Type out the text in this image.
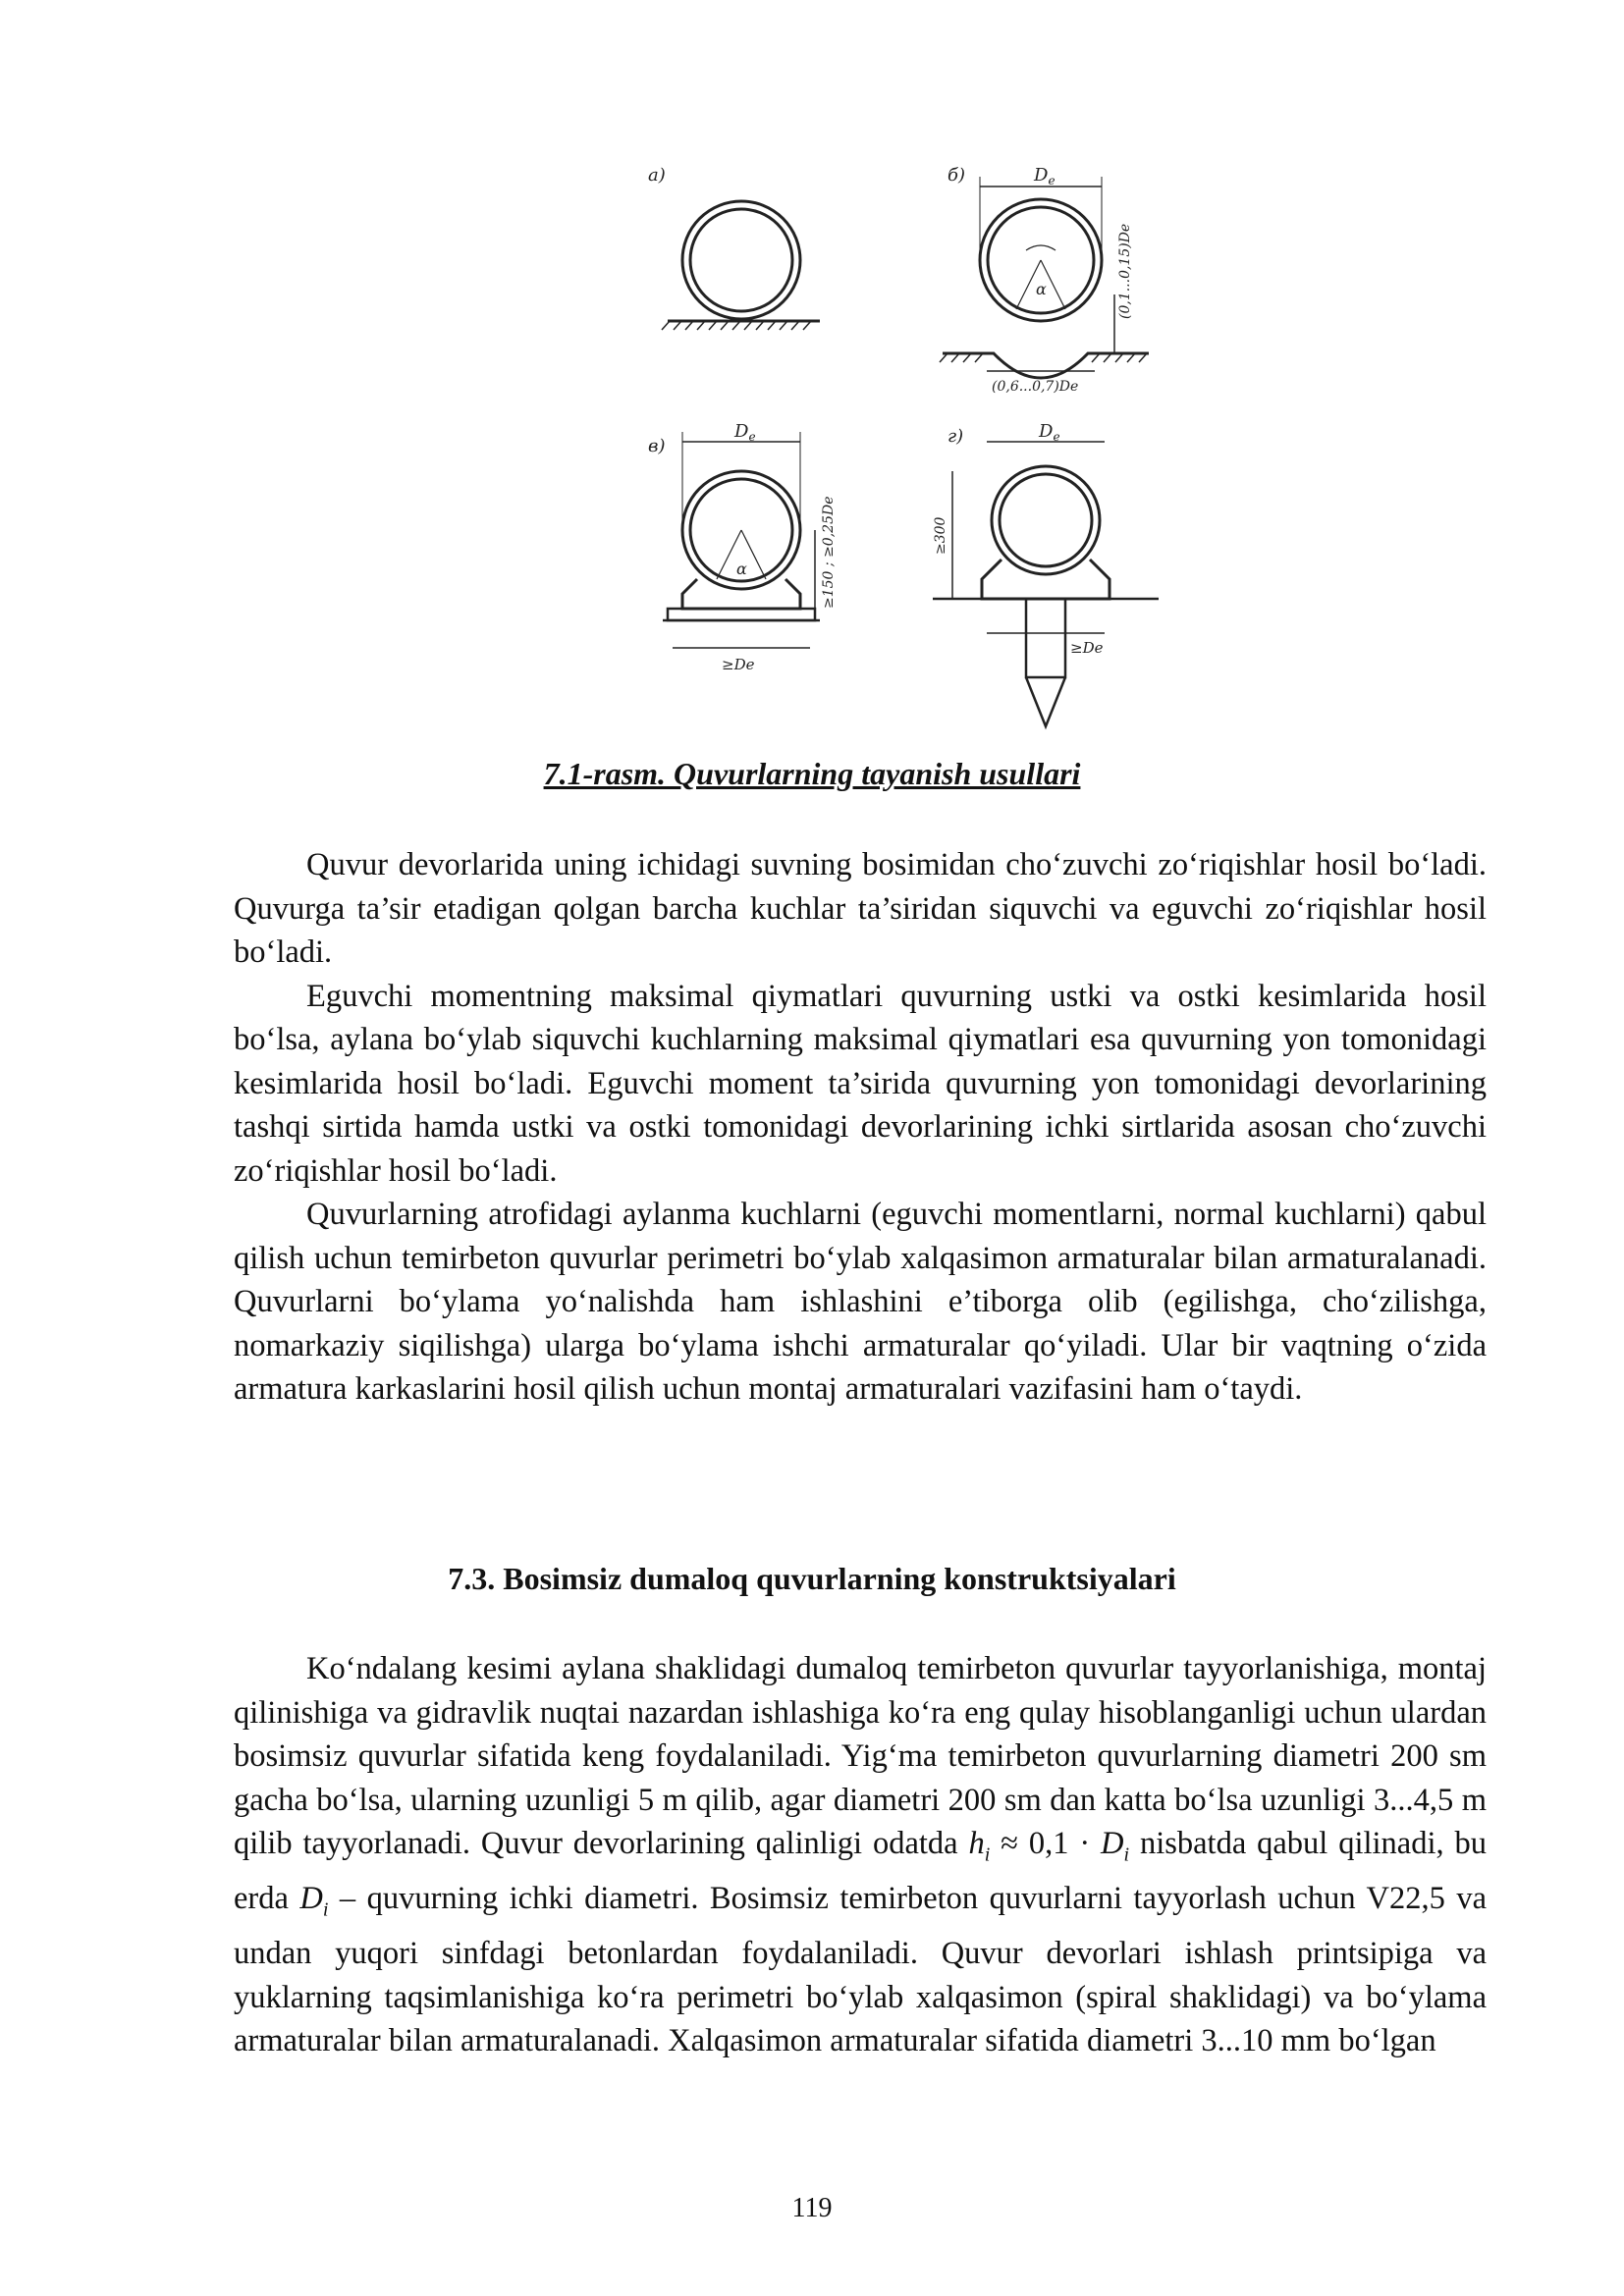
а)	б)
в)	г)
$D_e$
α	(0,1...0,15)De
(0,6...0,7)De
$D_e$
α	≥150 ; ≥0,25De
≥De
$D_e$
≥300
≥De
7.1-rasm. Quvurlarning tayanish usullari

Quvur devorlarida uning ichidagi suvning bosimidan cho‘zuvchi zo‘riqishlar hosil bo‘ladi. Quvurga ta’sir etadigan qolgan barcha kuchlar ta’siridan siquvchi va eguvchi zo‘riqishlar hosil bo‘ladi.

Eguvchi momentning maksimal qiymatlari quvurning ustki va ostki kesimlarida hosil bo‘lsa, aylana bo‘ylab siquvchi kuchlarning maksimal qiymatlari esa quvurning yon tomonidagi kesimlarida hosil bo‘ladi. Eguvchi moment ta’sirida quvurning yon tomonidagi devorlarining tashqi sirtida hamda ustki va ostki tomonidagi devorlarining ichki sirtlarida asosan cho‘zuvchi zo‘riqishlar hosil bo‘ladi.

Quvurlarning atrofidagi aylanma kuchlarni (eguvchi momentlarni, normal kuchlarni) qabul qilish uchun temirbeton quvurlar perimetri bo‘ylab xalqasimon armaturalar bilan armaturalanadi. Quvurlarni bo‘ylama yo‘nalishda ham ishlashini e’tiborga olib (egilishga, cho‘zilishga, nomarkaziy siqilishga) ularga bo‘ylama ishchi armaturalar qo‘yiladi. Ular bir vaqtning o‘zida armatura karkaslarini hosil qilish uchun montaj armaturalari vazifasini ham o‘taydi.

7.3. Bosimsiz dumaloq quvurlarning konstruktsiyalari

Ko‘ndalang kesimi aylana shaklidagi dumaloq temirbeton quvurlar tayyorlanishiga, montaj qilinishiga va gidravlik nuqtai nazardan ishlashiga ko‘ra eng qulay hisoblanganligi uchun ulardan bosimsiz quvurlar sifatida keng foydalaniladi. Yig‘ma temirbeton quvurlarning diametri 200 sm gacha bo‘lsa, ularning uzunligi 5 m qilib, agar diametri 200 sm dan katta bo‘lsa uzunligi 3...4,5 m qilib tayyorlanadi. Quvur devorlarining qalinligi odatda $h_i \approx 0,1 \cdot D_i$ nisbatda qabul qilinadi, bu erda $D_i$ – quvurning ichki diametri. Bosimsiz temirbeton quvurlarni tayyorlash uchun V22,5 va undan yuqori sinfdagi betonlardan foydalaniladi. Quvur devorlari ishlash printsipiga va yuklarning taqsimlanishiga ko‘ra perimetri bo‘ylab xalqasimon (spiral shaklidagi) va bo‘ylama armaturalar bilan armaturalanadi. Xalqasimon armaturalar sifatida diametri 3...10 mm bo‘lgan

119
